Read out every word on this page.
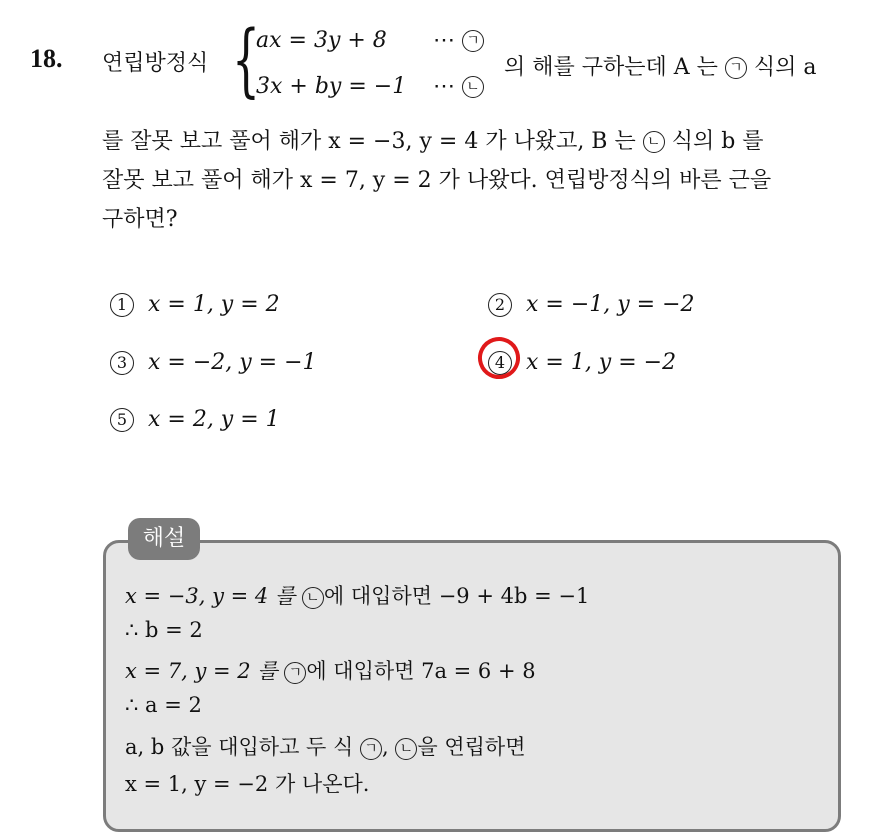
18. 연립방정식 {
ax = 3y + 8 ⋯ ㄱ
3x + by = −1 ⋯ ㄴ
의 해를 구하는데 A 는 ㄱ 식의 a
를 잘못 보고 풀어 해가 x = −3, y = 4 가 나왔고, B 는 ㄴ 식의 b 를
잘못 보고 풀어 해가 x = 7, y = 2 가 나왔다. 연립방정식의 바른 근을
구하면?
1 x = 1, y = 2	2 x = −1, y = −2
3 x = −2, y = −1	4 x = 1, y = −2
5 x = 2, y = 1
해설
x = −3, y = 4 를 ㄴ 에 대입하면 −9 + 4b = −1
∴ b = 2
x = 7, y = 2 를 ㄱ 에 대입하면 7a = 6 + 8
∴ a = 2
a, b 값을 대입하고 두 식 ㄱ , ㄴ 을 연립하면
x = 1, y = −2 가 나온다.
